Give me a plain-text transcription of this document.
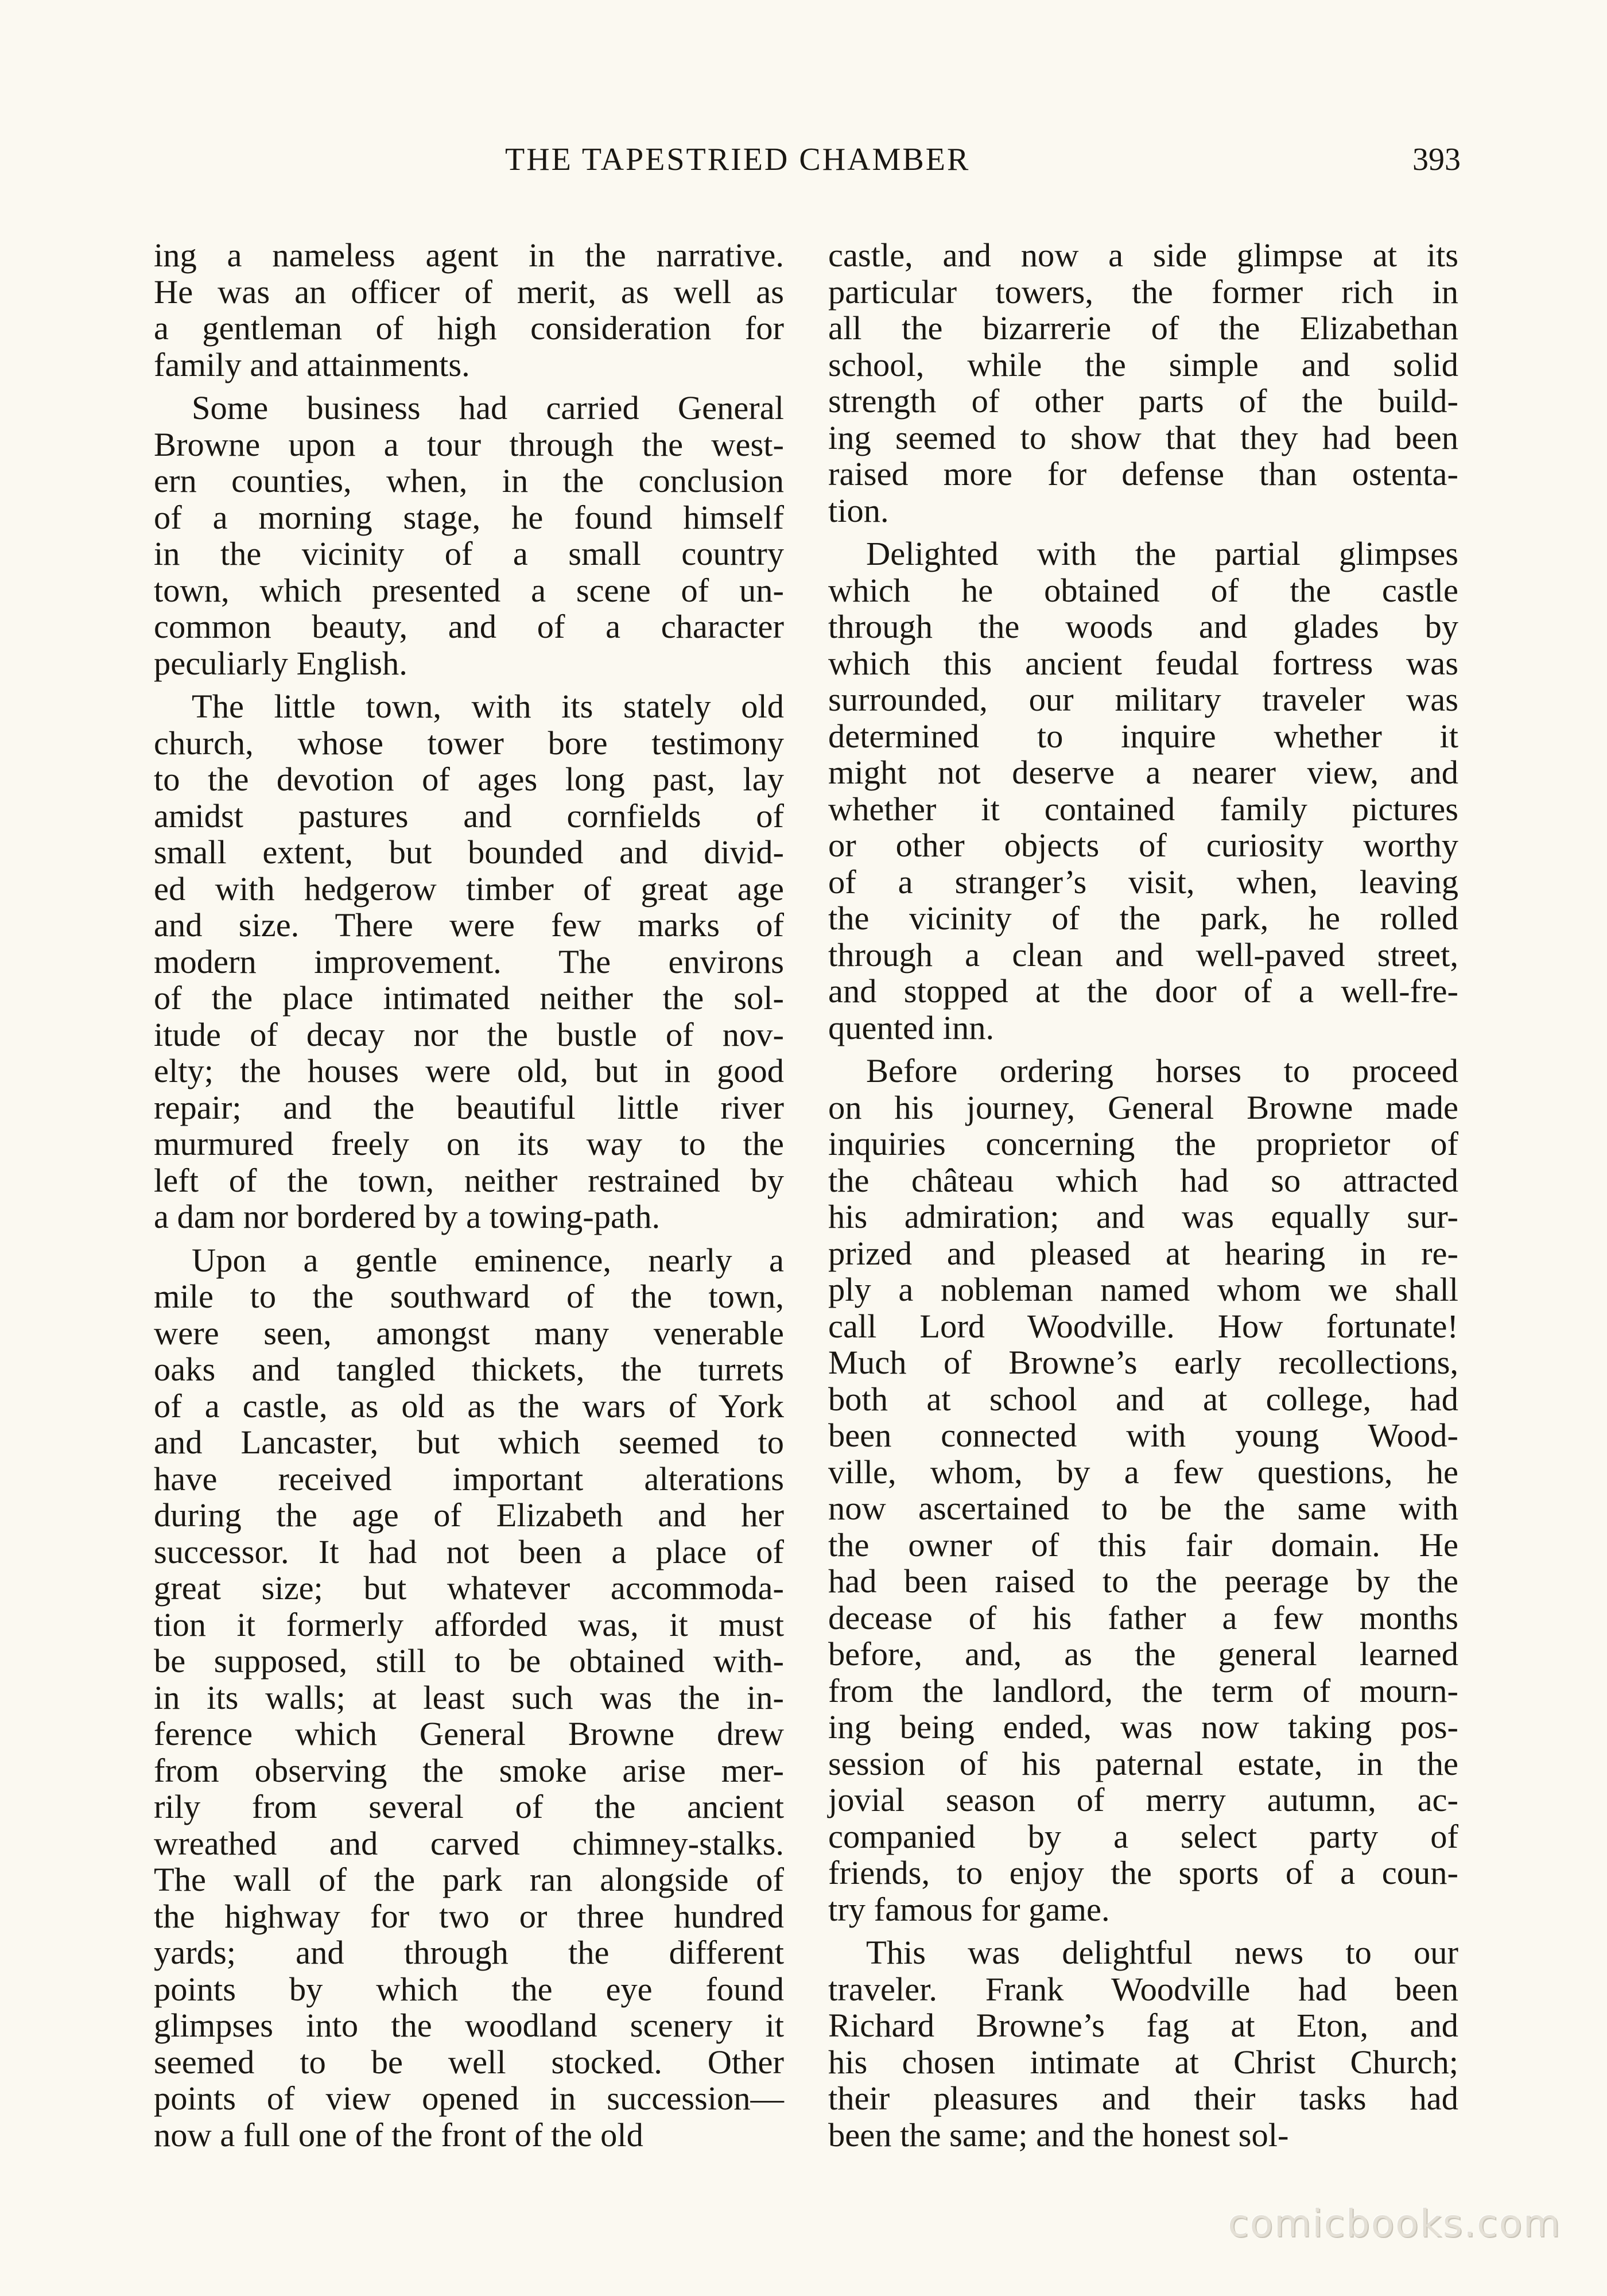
THE TAPESTRIED CHAMBER	393
ing a nameless agent in the narrative.
He was an officer of merit, as well as
a gentleman of high consideration for
family and attainments.
Some business had carried General
Browne upon a tour through the west-
ern counties, when, in the conclusion
of a morning stage, he found himself
in the vicinity of a small country
town, which presented a scene of un-
common beauty, and of a character
peculiarly English.
The little town, with its stately old
church, whose tower bore testimony
to the devotion of ages long past, lay
amidst pastures and cornfields of
small extent, but bounded and divid-
ed with hedgerow timber of great age
and size. There were few marks of
modern improvement. The environs
of the place intimated neither the sol-
itude of decay nor the bustle of nov-
elty; the houses were old, but in good
repair; and the beautiful little river
murmured freely on its way to the
left of the town, neither restrained by
a dam nor bordered by a towing-path.
Upon a gentle eminence, nearly a
mile to the southward of the town,
were seen, amongst many venerable
oaks and tangled thickets, the turrets
of a castle, as old as the wars of York
and Lancaster, but which seemed to
have received important alterations
during the age of Elizabeth and her
successor. It had not been a place of
great size; but whatever accommoda-
tion it formerly afforded was, it must
be supposed, still to be obtained with-
in its walls; at least such was the in-
ference which General Browne drew
from observing the smoke arise mer-
rily from several of the ancient
wreathed and carved chimney-stalks.
The wall of the park ran alongside of
the highway for two or three hundred
yards; and through the different
points by which the eye found
glimpses into the woodland scenery it
seemed to be well stocked. Other
points of view opened in succession—
now a full one of the front of the old
castle, and now a side glimpse at its
particular towers, the former rich in
all the bizarrerie of the Elizabethan
school, while the simple and solid
strength of other parts of the build-
ing seemed to show that they had been
raised more for defense than ostenta-
tion.
Delighted with the partial glimpses
which he obtained of the castle
through the woods and glades by
which this ancient feudal fortress was
surrounded, our military traveler was
determined to inquire whether it
might not deserve a nearer view, and
whether it contained family pictures
or other objects of curiosity worthy
of a stranger’s visit, when, leaving
the vicinity of the park, he rolled
through a clean and well-paved street,
and stopped at the door of a well-fre-
quented inn.
Before ordering horses to proceed
on his journey, General Browne made
inquiries concerning the proprietor of
the château which had so attracted
his admiration; and was equally sur-
prized and pleased at hearing in re-
ply a nobleman named whom we shall
call Lord Woodville. How fortunate!
Much of Browne’s early recollections,
both at school and at college, had
been connected with young Wood-
ville, whom, by a few questions, he
now ascertained to be the same with
the owner of this fair domain. He
had been raised to the peerage by the
decease of his father a few months
before, and, as the general learned
from the landlord, the term of mourn-
ing being ended, was now taking pos-
session of his paternal estate, in the
jovial season of merry autumn, ac-
companied by a select party of
friends, to enjoy the sports of a coun-
try famous for game.
This was delightful news to our
traveler. Frank Woodville had been
Richard Browne’s fag at Eton, and
his chosen intimate at Christ Church;
their pleasures and their tasks had
been the same; and the honest sol-
comicbooks.com
